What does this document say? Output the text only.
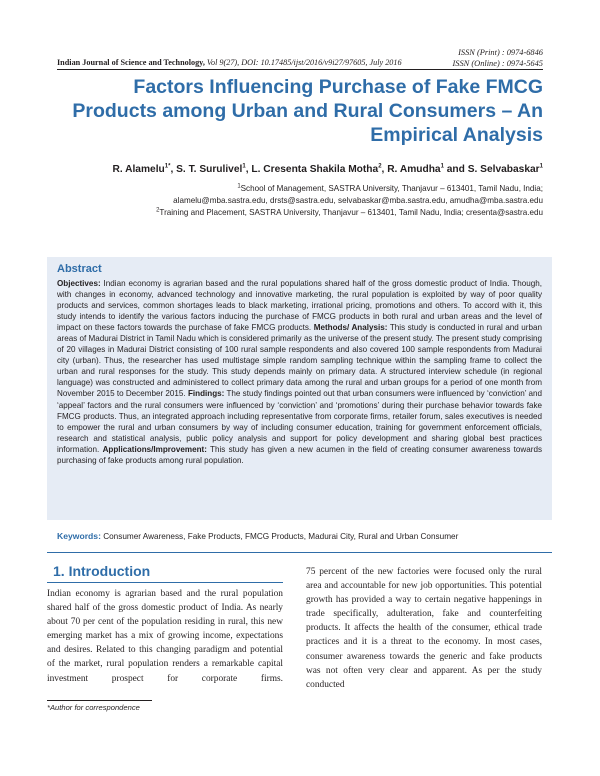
ISSN (Print) : 0974-6846
ISSN (Online) : 0974-5645
Indian Journal of Science and Technology, Vol 9(27), DOI: 10.17485/ijst/2016/v9i27/97605, July 2016
Factors Influencing Purchase of Fake FMCG Products among Urban and Rural Consumers – An Empirical Analysis
R. Alamelu$^{1*}$, S. T. Surulivel$^1$, L. Cresenta Shakila Motha$^2$, R. Amudha$^1$ and S. Selvabaskar$^1$
$^1$School of Management, SASTRA University, Thanjavur – 613401, Tamil Nadu, India;
alamelu@mba.sastra.edu, drsts@sastra.edu, selvabaskar@mba.sastra.edu, amudha@mba.sastra.edu
$^2$Training and Placement, SASTRA University, Thanjavur – 613401, Tamil Nadu, India; cresenta@sastra.edu
Abstract

Objectives: Indian economy is agrarian based and the rural populations shared half of the gross domestic product of India. Though, with changes in economy, advanced technology and innovative marketing, the rural population is exploited by way of poor quality products and services, common shortages leads to black marketing, irrational pricing, promotions and others. To accord with it, this study intends to identify the various factors inducing the purchase of FMCG products in both rural and urban areas and the level of impact on these factors towards the purchase of fake FMCG products. Methods/ Analysis: This study is conducted in rural and urban areas of Madurai District in Tamil Nadu which is considered primarily as the universe of the present study. The present study comprising of 20 villages in Madurai District consisting of 100 rural sample respondents and also covered 100 sample respondents from Madurai city (urban). Thus, the researcher has used multistage simple random sampling technique within the sampling frame to collect the urban and rural responses for the study. This study depends mainly on primary data. A structured interview schedule (in regional language) was constructed and administered to collect primary data among the rural and urban groups for a period of one month from November 2015 to December 2015. Findings: The study findings pointed out that urban consumers were influenced by ‘conviction’ and ‘appeal’ factors and the rural consumers were influenced by ‘conviction’ and ‘promotions’ during their purchase behavior towards fake FMCG products. Thus, an integrated approach including representative from corporate firms, retailer forum, sales executives is needed to empower the rural and urban consumers by way of including consumer education, training for government enforcement officials, research and statistical analysis, public policy analysis and support for policy development and sharing global best practices information. Applications/Improvement: This study has given a new acumen in the field of creating consumer awareness towards purchasing of fake products among rural population.

Keywords: Consumer Awareness, Fake Products, FMCG Products, Madurai City, Rural and Urban Consumer
1. Introduction

Indian economy is agrarian based and the rural population shared half of the gross domestic product of India. As nearly about 70 per cent of the population residing in rural, this new emerging market has a mix of growing income, expectations and desires. Related to this changing paradigm and potential of the market, rural population renders a remarkable capital investment prospect for corporate firms.

75 percent of the new factories were focused only the rural area and accountable for new job opportunities. This potential growth has provided a way to certain negative happenings in trade specifically, adulteration, fake and counterfeiting products. It affects the health of the consumer, ethical trade practices and it is a threat to the economy. In most cases, consumer awareness towards the generic and fake products was not often very clear and apparent. As per the study conducted

*Author for correspondence
